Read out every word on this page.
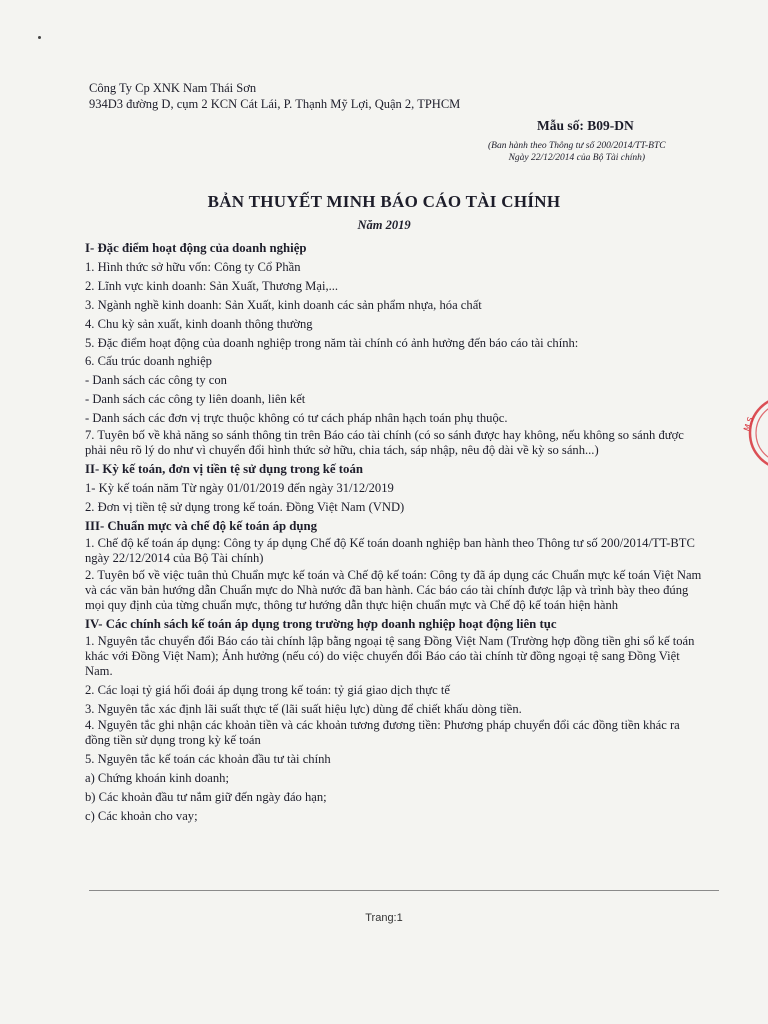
Công Ty Cp XNK Nam Thái Sơn
934D3 đường D, cụm 2 KCN Cát Lái, P. Thạnh Mỹ Lợi, Quận 2, TPHCM
Mẫu số: B09-DN
(Ban hành theo Thông tư số 200/2014/TT-BTC
Ngày 22/12/2014 của Bộ Tài chính)
BẢN THUYẾT MINH BÁO CÁO TÀI CHÍNH
Năm 2019
I- Đặc điểm hoạt động của doanh nghiệp
1. Hình thức sở hữu vốn: Công ty Cổ Phần
2. Lĩnh vực kinh doanh: Sản Xuất, Thương Mại,...
3. Ngành nghề kinh doanh: Sản Xuất, kinh doanh các sản phẩm nhựa, hóa chất
4. Chu kỳ sản xuất, kinh doanh thông thường
5. Đặc điểm hoạt động của doanh nghiệp trong năm tài chính có ảnh hưởng đến báo cáo tài chính:
6. Cấu trúc doanh nghiệp
- Danh sách các công ty con
- Danh sách các công ty liên doanh, liên kết
- Danh sách các đơn vị trực thuộc không có tư cách pháp nhân hạch toán phụ thuộc.
7. Tuyên bố về khả năng so sánh thông tin trên Báo cáo tài chính (có so sánh được hay không, nếu không so sánh được phải nêu rõ lý do như vì chuyển đổi hình thức sở hữu, chia tách, sáp nhập, nêu độ dài về kỳ so sánh...)
II- Kỳ kế toán, đơn vị tiền tệ sử dụng trong kế toán
1- Kỳ kế toán năm Từ ngày 01/01/2019 đến ngày 31/12/2019
2. Đơn vị tiền tệ sử dụng trong kế toán. Đồng Việt Nam (VND)
III- Chuẩn mực và chế độ kế toán áp dụng
1. Chế độ kế toán áp dụng: Công ty áp dụng Chế độ Kế toán doanh nghiệp ban hành theo Thông tư số 200/2014/TT-BTC ngày 22/12/2014 của Bộ Tài chính)
2. Tuyên bố về việc tuân thủ Chuẩn mực kế toán và Chế độ kế toán: Công ty đã áp dụng các Chuẩn mực kế toán Việt Nam và các văn bản hướng dẫn Chuẩn mực do Nhà nước đã ban hành. Các báo cáo tài chính được lập và trình bày theo đúng mọi quy định của từng chuẩn mực, thông tư hướng dẫn thực hiện chuẩn mực và Chế độ kế toán hiện hành
IV- Các chính sách kế toán áp dụng trong trường hợp doanh nghiệp hoạt động liên tục
1. Nguyên tắc chuyển đổi Báo cáo tài chính lập bằng ngoại tệ sang Đồng Việt Nam (Trường hợp đồng tiền ghi sổ kế toán khác với Đồng Việt Nam); Ảnh hưởng (nếu có) do việc chuyển đổi Báo cáo tài chính từ đồng ngoại tệ sang Đồng Việt Nam.
2. Các loại tỷ giá hối đoái áp dụng trong kế toán: tỷ giá giao dịch thực tế
3. Nguyên tắc xác định lãi suất thực tế (lãi suất hiệu lực) dùng để chiết khấu dòng tiền.
4. Nguyên tắc ghi nhận các khoản tiền và các khoản tương đương tiền: Phương pháp chuyển đổi các đồng tiền khác ra đồng tiền sử dụng trong kỳ kế toán
5. Nguyên tắc kế toán các khoản đầu tư tài chính
a) Chứng khoán kinh doanh;
b) Các khoản đầu tư nắm giữ đến ngày đáo hạn;
c) Các khoản cho vay;
M.S.
Trang:1
